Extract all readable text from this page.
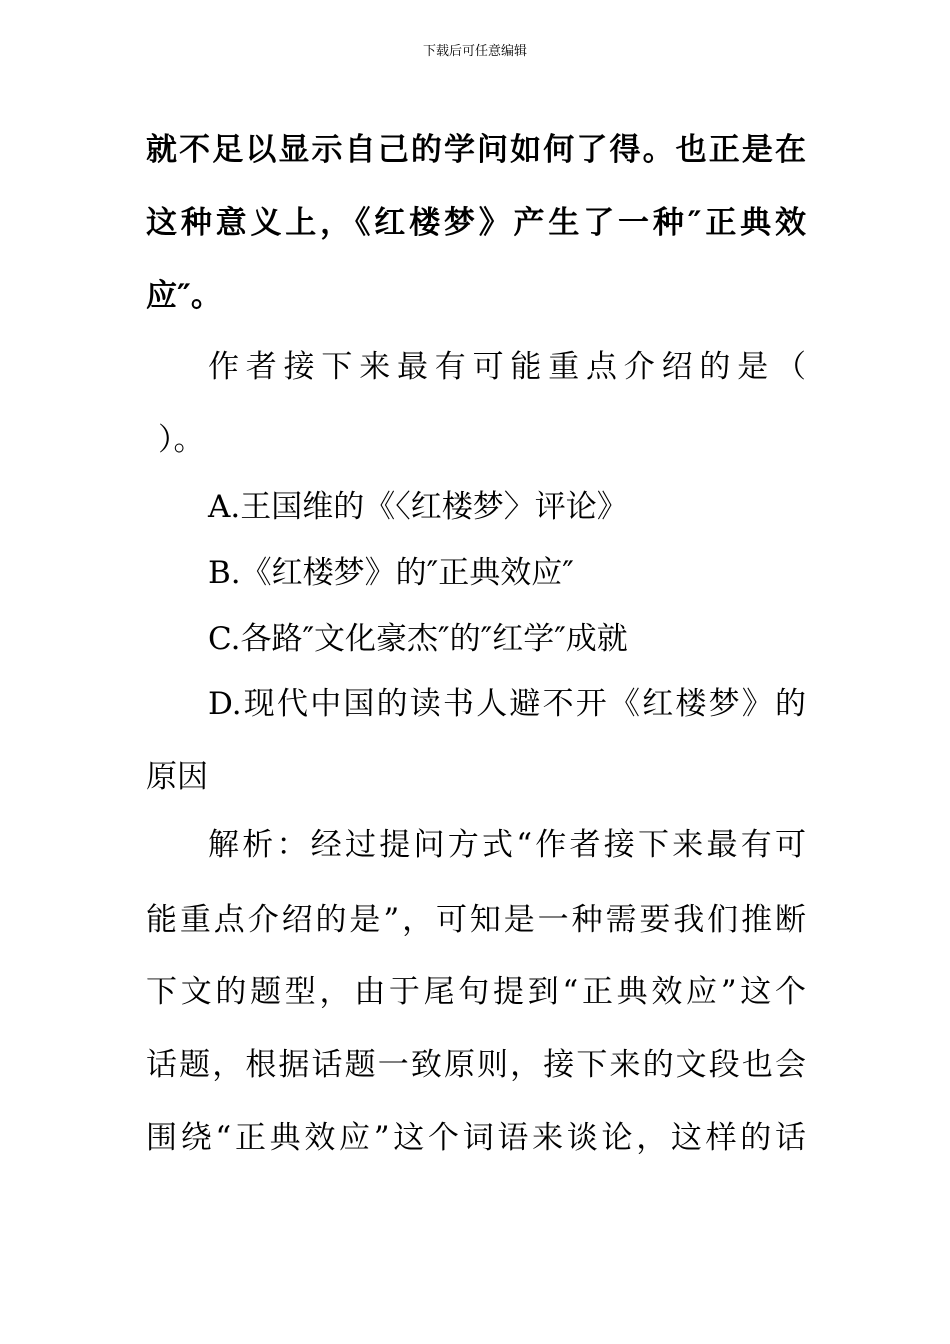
下载后可任意编辑
就不足以显示自己的学问如何了得。也正是在
这种意义上，《红楼梦》产生了一种″正典效
应″。
作者接下来最有可能重点介绍的是（
）。
A.王国维的《〈红楼梦〉评论》
B.《红楼梦》的″正典效应″
C.各路″文化豪杰″的″红学″成就
D.现代中国的读书人避不开《红楼梦》的
原因
解析：经过提问方式“作者接下来最有可
能重点介绍的是”，可知是一种需要我们推断
下文的题型，由于尾句提到“正典效应”这个
话题，根据话题一致原则，接下来的文段也会
围绕“正典效应”这个词语来谈论，这样的话
